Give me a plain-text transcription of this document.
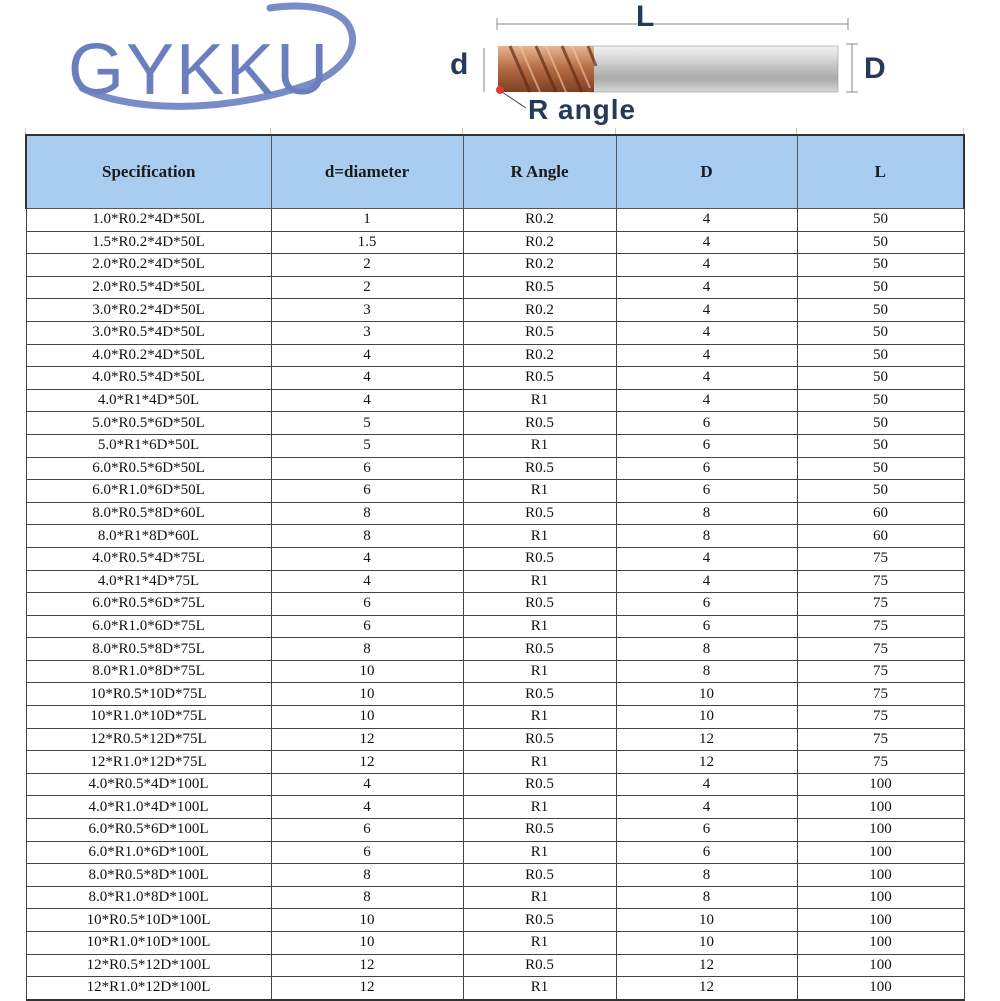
GYKKU
L
d	D
R angle
Specification	d=diameter	R Angle	D	L
1.0*R0.2*4D*50L	1	R0.2	4	50
1.5*R0.2*4D*50L	1.5	R0.2	4	50
2.0*R0.2*4D*50L	2	R0.2	4	50
2.0*R0.5*4D*50L	2	R0.5	4	50
3.0*R0.2*4D*50L	3	R0.2	4	50
3.0*R0.5*4D*50L	3	R0.5	4	50
4.0*R0.2*4D*50L	4	R0.2	4	50
4.0*R0.5*4D*50L	4	R0.5	4	50
4.0*R1*4D*50L	4	R1	4	50
5.0*R0.5*6D*50L	5	R0.5	6	50
5.0*R1*6D*50L	5	R1	6	50
6.0*R0.5*6D*50L	6	R0.5	6	50
6.0*R1.0*6D*50L	6	R1	6	50
8.0*R0.5*8D*60L	8	R0.5	8	60
8.0*R1*8D*60L	8	R1	8	60
4.0*R0.5*4D*75L	4	R0.5	4	75
4.0*R1*4D*75L	4	R1	4	75
6.0*R0.5*6D*75L	6	R0.5	6	75
6.0*R1.0*6D*75L	6	R1	6	75
8.0*R0.5*8D*75L	8	R0.5	8	75
8.0*R1.0*8D*75L	10	R1	8	75
10*R0.5*10D*75L	10	R0.5	10	75
10*R1.0*10D*75L	10	R1	10	75
12*R0.5*12D*75L	12	R0.5	12	75
12*R1.0*12D*75L	12	R1	12	75
4.0*R0.5*4D*100L	4	R0.5	4	100
4.0*R1.0*4D*100L	4	R1	4	100
6.0*R0.5*6D*100L	6	R0.5	6	100
6.0*R1.0*6D*100L	6	R1	6	100
8.0*R0.5*8D*100L	8	R0.5	8	100
8.0*R1.0*8D*100L	8	R1	8	100
10*R0.5*10D*100L	10	R0.5	10	100
10*R1.0*10D*100L	10	R1	10	100
12*R0.5*12D*100L	12	R0.5	12	100
12*R1.0*12D*100L	12	R1	12	100
